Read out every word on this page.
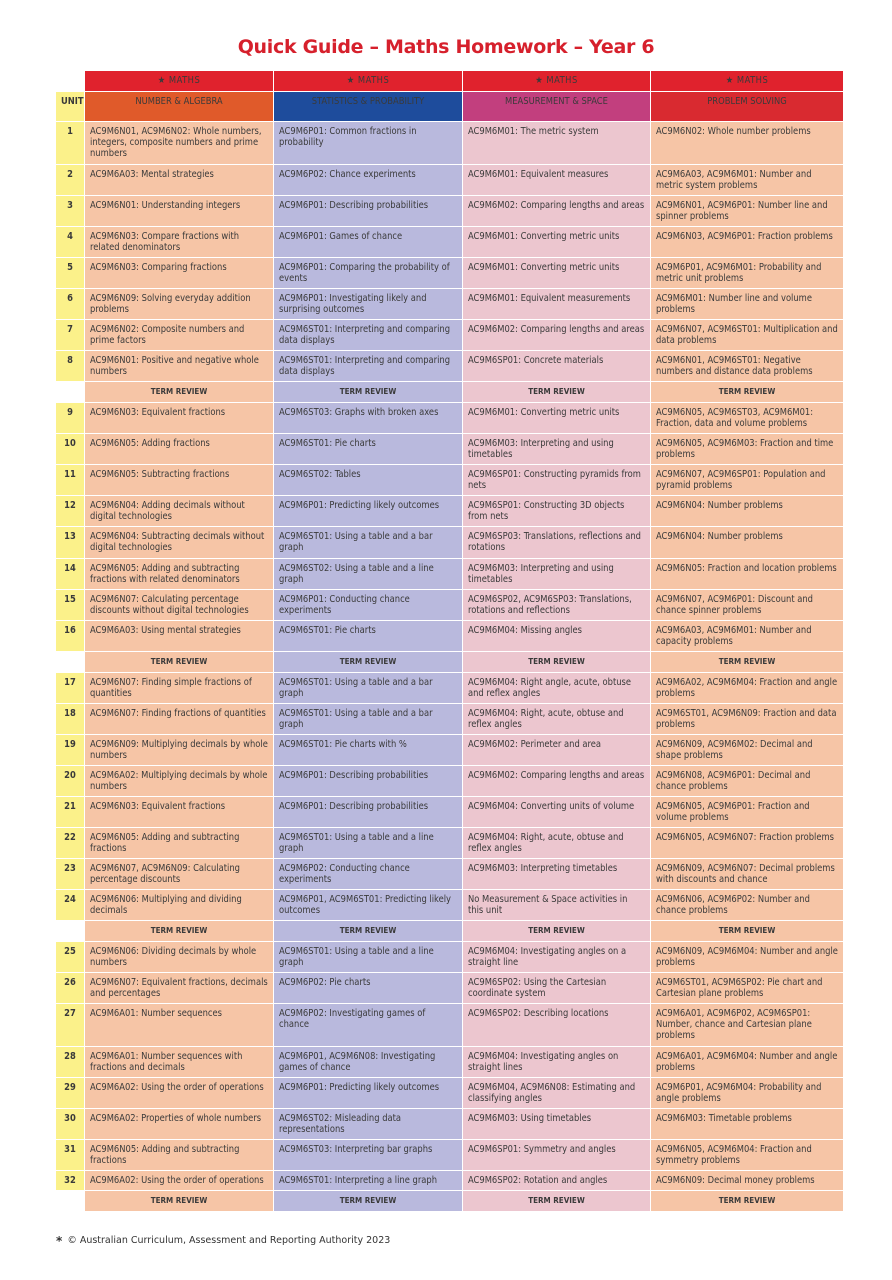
Quick Guide – Maths Homework – Year 6
	★ MATHS	★ MATHS	★ MATHS	★ MATHS
UNIT	NUMBER & ALGEBRA	STATISTICS & PROBABILITY	MEASUREMENT & SPACE	PROBLEM SOLVING
1	AC9M6N01, AC9M6N02: Whole numbers, integers, composite numbers and prime numbers	AC9M6P01: Common fractions in probability	AC9M6M01: The metric system	AC9M6N02: Whole number problems
2	AC9M6A03: Mental strategies	AC9M6P02: Chance experiments	AC9M6M01: Equivalent measures	AC9M6A03, AC9M6M01: Number and metric system problems
3	AC9M6N01: Understanding integers	AC9M6P01: Describing probabilities	AC9M6M02: Comparing lengths and areas	AC9M6N01, AC9M6P01: Number line and spinner problems
4	AC9M6N03: Compare fractions with related denominators	AC9M6P01: Games of chance	AC9M6M01: Converting metric units	AC9M6N03, AC9M6P01: Fraction problems
5	AC9M6N03: Comparing fractions	AC9M6P01: Comparing the probability of events	AC9M6M01: Converting metric units	AC9M6P01, AC9M6M01: Probability and metric unit problems
6	AC9M6N09: Solving everyday addition problems	AC9M6P01: Investigating likely and surprising outcomes	AC9M6M01: Equivalent measurements	AC9M6M01: Number line and volume problems
7	AC9M6N02: Composite numbers and prime factors	AC9M6ST01: Interpreting and comparing data displays	AC9M6M02: Comparing lengths and areas	AC9M6N07, AC9M6ST01: Multiplication and data problems
8	AC9M6N01: Positive and negative whole numbers	AC9M6ST01: Interpreting and comparing data displays	AC9M6SP01: Concrete materials	AC9M6N01, AC9M6ST01: Negative numbers and distance data problems
	TERM REVIEW	TERM REVIEW	TERM REVIEW	TERM REVIEW
9	AC9M6N03: Equivalent fractions	AC9M6ST03: Graphs with broken axes	AC9M6M01: Converting metric units	AC9M6N05, AC9M6ST03, AC9M6M01: Fraction, data and volume problems
10	AC9M6N05: Adding fractions	AC9M6ST01: Pie charts	AC9M6M03: Interpreting and using timetables	AC9M6N05, AC9M6M03: Fraction and time problems
11	AC9M6N05: Subtracting fractions	AC9M6ST02: Tables	AC9M6SP01: Constructing pyramids from nets	AC9M6N07, AC9M6SP01: Population and pyramid problems
12	AC9M6N04: Adding decimals without digital technologies	AC9M6P01: Predicting likely outcomes	AC9M6SP01: Constructing 3D objects from nets	AC9M6N04: Number problems
13	AC9M6N04: Subtracting decimals without digital technologies	AC9M6ST01: Using a table and a bar graph	AC9M6SP03: Translations, reflections and rotations	AC9M6N04: Number problems
14	AC9M6N05: Adding and subtracting fractions with related denominators	AC9M6ST02: Using a table and a line graph	AC9M6M03: Interpreting and using timetables	AC9M6N05: Fraction and location problems
15	AC9M6N07: Calculating percentage discounts without digital technologies	AC9M6P01: Conducting chance experiments	AC9M6SP02, AC9M6SP03: Translations, rotations and reflections	AC9M6N07, AC9M6P01: Discount and chance spinner problems
16	AC9M6A03: Using mental strategies	AC9M6ST01: Pie charts	AC9M6M04: Missing angles	AC9M6A03, AC9M6M01: Number and capacity problems
	TERM REVIEW	TERM REVIEW	TERM REVIEW	TERM REVIEW
17	AC9M6N07: Finding simple fractions of quantities	AC9M6ST01: Using a table and a bar graph	AC9M6M04: Right angle, acute, obtuse and reflex angles	AC9M6A02, AC9M6M04: Fraction and angle problems
18	AC9M6N07: Finding fractions of quantities	AC9M6ST01: Using a table and a bar graph	AC9M6M04: Right, acute, obtuse and reflex angles	AC9M6ST01, AC9M6N09: Fraction and data problems
19	AC9M6N09: Multiplying decimals by whole numbers	AC9M6ST01: Pie charts with %	AC9M6M02: Perimeter and area	AC9M6N09, AC9M6M02: Decimal and shape problems
20	AC9M6A02: Multiplying decimals by whole numbers	AC9M6P01: Describing probabilities	AC9M6M02: Comparing lengths and areas	AC9M6N08, AC9M6P01: Decimal and chance problems
21	AC9M6N03: Equivalent fractions	AC9M6P01: Describing probabilities	AC9M6M04: Converting units of volume	AC9M6N05, AC9M6P01: Fraction and volume problems
22	AC9M6N05: Adding and subtracting fractions	AC9M6ST01: Using a table and a line graph	AC9M6M04: Right, acute, obtuse and reflex angles	AC9M6N05, AC9M6N07: Fraction problems
23	AC9M6N07, AC9M6N09: Calculating percentage discounts	AC9M6P02: Conducting chance experiments	AC9M6M03: Interpreting timetables	AC9M6N09, AC9M6N07: Decimal problems with discounts and chance
24	AC9M6N06: Multiplying and dividing decimals	AC9M6P01, AC9M6ST01: Predicting likely outcomes	No Measurement & Space activities in this unit	AC9M6N06, AC9M6P02: Number and chance problems
	TERM REVIEW	TERM REVIEW	TERM REVIEW	TERM REVIEW
25	AC9M6N06: Dividing decimals by whole numbers	AC9M6ST01: Using a table and a line graph	AC9M6M04: Investigating angles on a straight line	AC9M6N09, AC9M6M04: Number and angle problems
26	AC9M6N07: Equivalent fractions, decimals and percentages	AC9M6P02: Pie charts	AC9M6SP02: Using the Cartesian coordinate system	AC9M6ST01, AC9M6SP02: Pie chart and Cartesian plane problems
27	AC9M6A01: Number sequences	AC9M6P02: Investigating games of chance	AC9M6SP02: Describing locations	AC9M6A01, AC9M6P02, AC9M6SP01: Number, chance and Cartesian plane problems
28	AC9M6A01: Number sequences with fractions and decimals	AC9M6P01, AC9M6N08: Investigating games of chance	AC9M6M04: Investigating angles on straight lines	AC9M6A01, AC9M6M04: Number and angle problems
29	AC9M6A02: Using the order of operations	AC9M6P01: Predicting likely outcomes	AC9M6M04, AC9M6N08: Estimating and classifying angles	AC9M6P01, AC9M6M04: Probability and angle problems
30	AC9M6A02: Properties of whole numbers	AC9M6ST02: Misleading data representations	AC9M6M03: Using timetables	AC9M6M03: Timetable problems
31	AC9M6N05: Adding and subtracting fractions	AC9M6ST03: Interpreting bar graphs	AC9M6SP01: Symmetry and angles	AC9M6N05, AC9M6M04: Fraction and symmetry problems
32	AC9M6A02: Using the order of operations	AC9M6ST01: Interpreting a line graph	AC9M6SP02: Rotation and angles	AC9M6N09: Decimal money problems
	TERM REVIEW	TERM REVIEW	TERM REVIEW	TERM REVIEW
* © Australian Curriculum, Assessment and Reporting Authority 2023
